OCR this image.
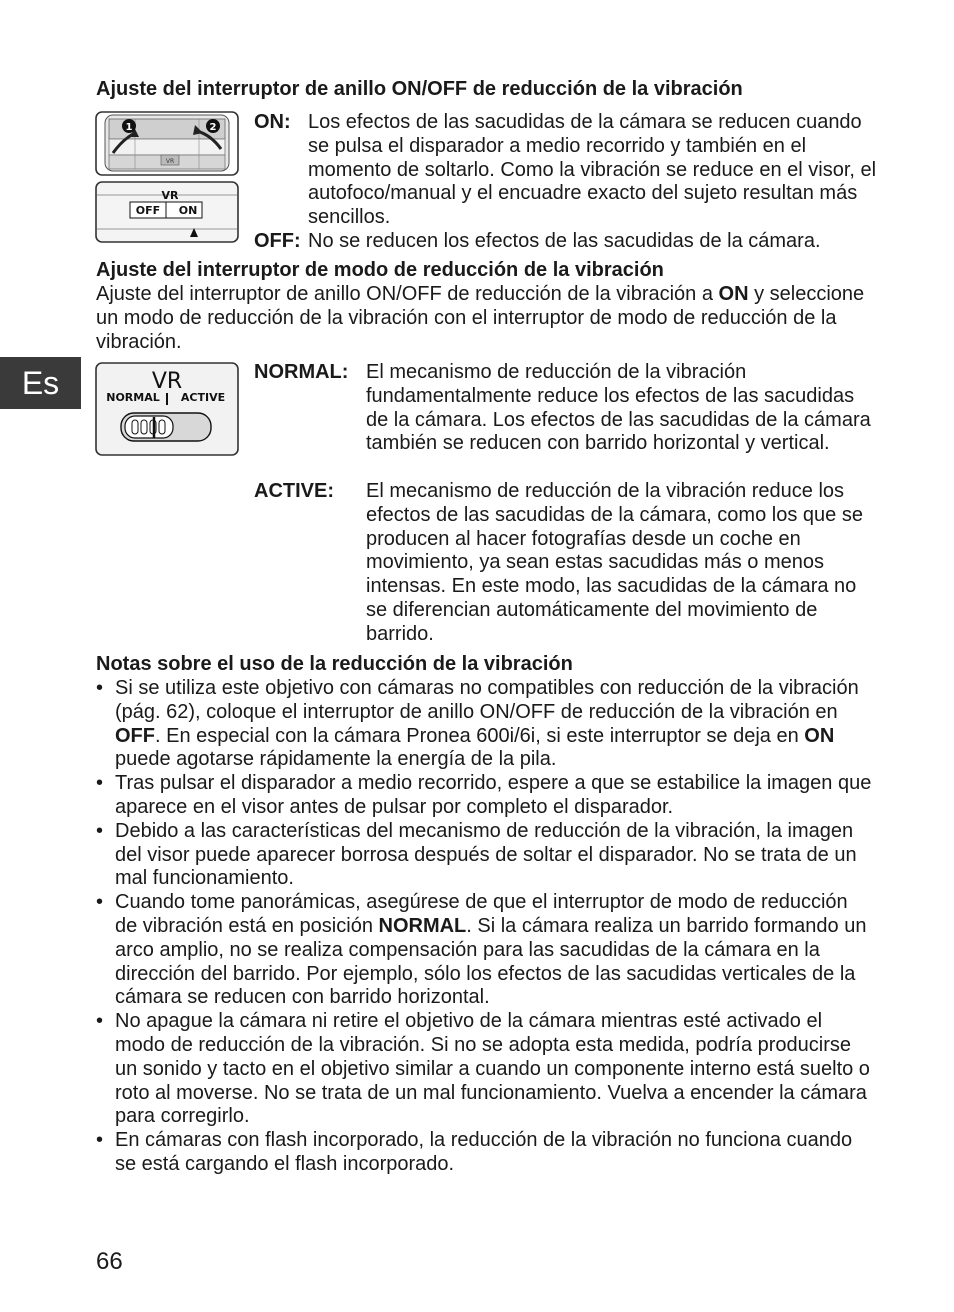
Es
Ajuste del interruptor de anillo ON/OFF de reducción de la vibración
1	2
VR
VR
OFF ON
ON: Los efectos de las sacudidas de la cámara se reducen cuando se pulsa el disparador a medio recorrido y también en el momento de soltarlo. Como la vibración se reduce en el visor, el autofoco/manual y el encuadre exacto del sujeto resultan más sencillos.
OFF: No se reducen los efectos de las sacudidas de la cámara.
Ajuste del interruptor de modo de reducción de la vibración
Ajuste del interruptor de anillo ON/OFF de reducción de la vibración a ON y seleccione un modo de reducción de la vibración con el interruptor de modo de reducción de la vibración.
VR
NORMAL ACTIVE
NORMAL: El mecanismo de reducción de la vibración fundamentalmente reduce los efectos de las sacudidas de la cámara. Los efectos de las sacudidas de la cámara también se reducen con barrido horizontal y vertical.
ACTIVE: El mecanismo de reducción de la vibración reduce los efectos de las sacudidas de la cámara, como los que se producen al hacer fotografías desde un coche en movimiento, ya sean estas sacudidas más o menos intensas. En este modo, las sacudidas de la cámara no se diferencian automáticamente del movimiento de barrido.
Notas sobre el uso de la reducción de la vibración
• Si se utiliza este objetivo con cámaras no compatibles con reducción de la vibración (pág. 62), coloque el interruptor de anillo ON/OFF de reducción de la vibración en OFF. En especial con la cámara Pronea 600i/6i, si este interruptor se deja en ON puede agotarse rápidamente la energía de la pila.
• Tras pulsar el disparador a medio recorrido, espere a que se estabilice la imagen que aparece en el visor antes de pulsar por completo el disparador.
• Debido a las características del mecanismo de reducción de la vibración, la imagen del visor puede aparecer borrosa después de soltar el disparador. No se trata de un mal funcionamiento.
• Cuando tome panorámicas, asegúrese de que el interruptor de modo de reducción de vibración está en posición NORMAL. Si la cámara realiza un barrido formando un arco amplio, no se realiza compensación para las sacudidas de la cámara en la dirección del barrido. Por ejemplo, sólo los efectos de las sacudidas verticales de la cámara se reducen con barrido horizontal.
• No apague la cámara ni retire el objetivo de la cámara mientras esté activado el modo de reducción de la vibración. Si no se adopta esta medida, podría producirse un sonido y tacto en el objetivo similar a cuando un componente interno está suelto o roto al moverse. No se trata de un mal funcionamiento. Vuelva a encender la cámara para corregirlo.
• En cámaras con flash incorporado, la reducción de la vibración no funciona cuando se está cargando el flash incorporado.
66
